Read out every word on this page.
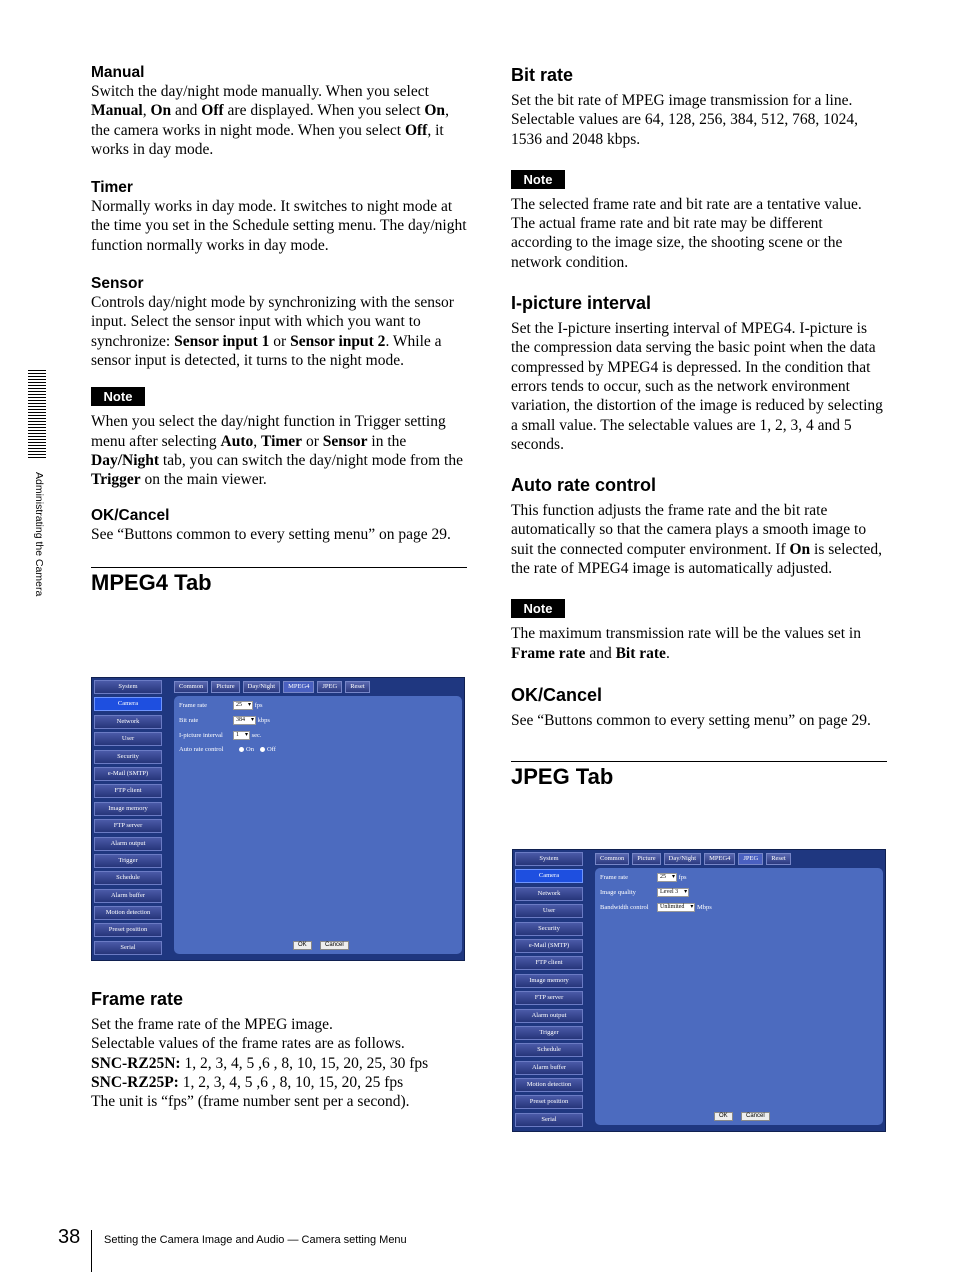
Administrating the Camera
Manual
Switch the day/night mode manually. When you select Manual, On and Off are displayed. When you select On, the camera works in night mode. When you select Off, it works in day mode.
Timer
Normally works in day mode. It switches to night mode at the time you set in the Schedule setting menu. The day/night function normally works in day mode.
Sensor
Controls day/night mode by synchronizing with the sensor input. Select the sensor input with which you want to synchronize: Sensor input 1 or Sensor input 2. While a sensor input is detected, it turns to the night mode.
Note
When you select the day/night function in Trigger setting menu after selecting Auto, Timer or Sensor in the Day/Night tab, you can switch the day/night mode from the Trigger on the main viewer.
OK/Cancel
See “Buttons common to every setting menu” on page 29.
MPEG4 Tab
System
Camera
Network
User
Security
e-Mail (SMTP)
FTP client
Image memory
FTP server
Alarm output
Trigger
Schedule
Alarm buffer
Motion detection
Preset position
Serial
Common	Picture	Day/Night	MPEG4	JPEG	Reset
Frame rate	25 ▾ fps
Bit rate	384 ▾ kbps
I-picture interval 1 ▾ sec.
Auto rate control	On Off
OK	Cancel
Frame rate
Set the frame rate of the MPEG image.
Selectable values of the frame rates are as follows.
SNC-RZ25N: 1, 2, 3, 4, 5 ,6 , 8, 10, 15, 20, 25, 30 fps
SNC-RZ25P: 1, 2, 3, 4, 5 ,6 , 8, 10, 15, 20, 25 fps
The unit is “fps” (frame number sent per a second).
Bit rate
Set the bit rate of MPEG image transmission for a line. Selectable values are 64, 128, 256, 384, 512, 768, 1024, 1536 and 2048 kbps.
Note
The selected frame rate and bit rate are a tentative value. The actual frame rate and bit rate may be different according to the image size, the shooting scene or the network condition.
I-picture interval
Set the I-picture inserting interval of MPEG4. I-picture is the compression data serving the basic point when the data compressed by MPEG4 is depressed. In the condition that errors tends to occur, such as the network environment variation, the distortion of the image is reduced by selecting a small value. The selectable values are 1, 2, 3, 4 and 5 seconds.
Auto rate control
This function adjusts the frame rate and the bit rate automatically so that the camera plays a smooth image to suit the connected computer environment. If On is selected, the rate of MPEG4 image is automatically adjusted.
Note
The maximum transmission rate will be the values set in Frame rate and Bit rate.
OK/Cancel
See “Buttons common to every setting menu” on page 29.
JPEG Tab
System
Camera
Network
User
Security
e-Mail (SMTP)
FTP client
Image memory
FTP server
Alarm output
Trigger
Schedule
Alarm buffer
Motion detection
Preset position
Serial
Common	Picture	Day/Night	MPEG4	JPEG	Reset
Frame rate	25 ▾ fps
Image quality	Level 3 ▾
Bandwidth control Unlimited ▾ Mbps
OK	Cancel
38 Setting the Camera Image and Audio — Camera setting Menu
